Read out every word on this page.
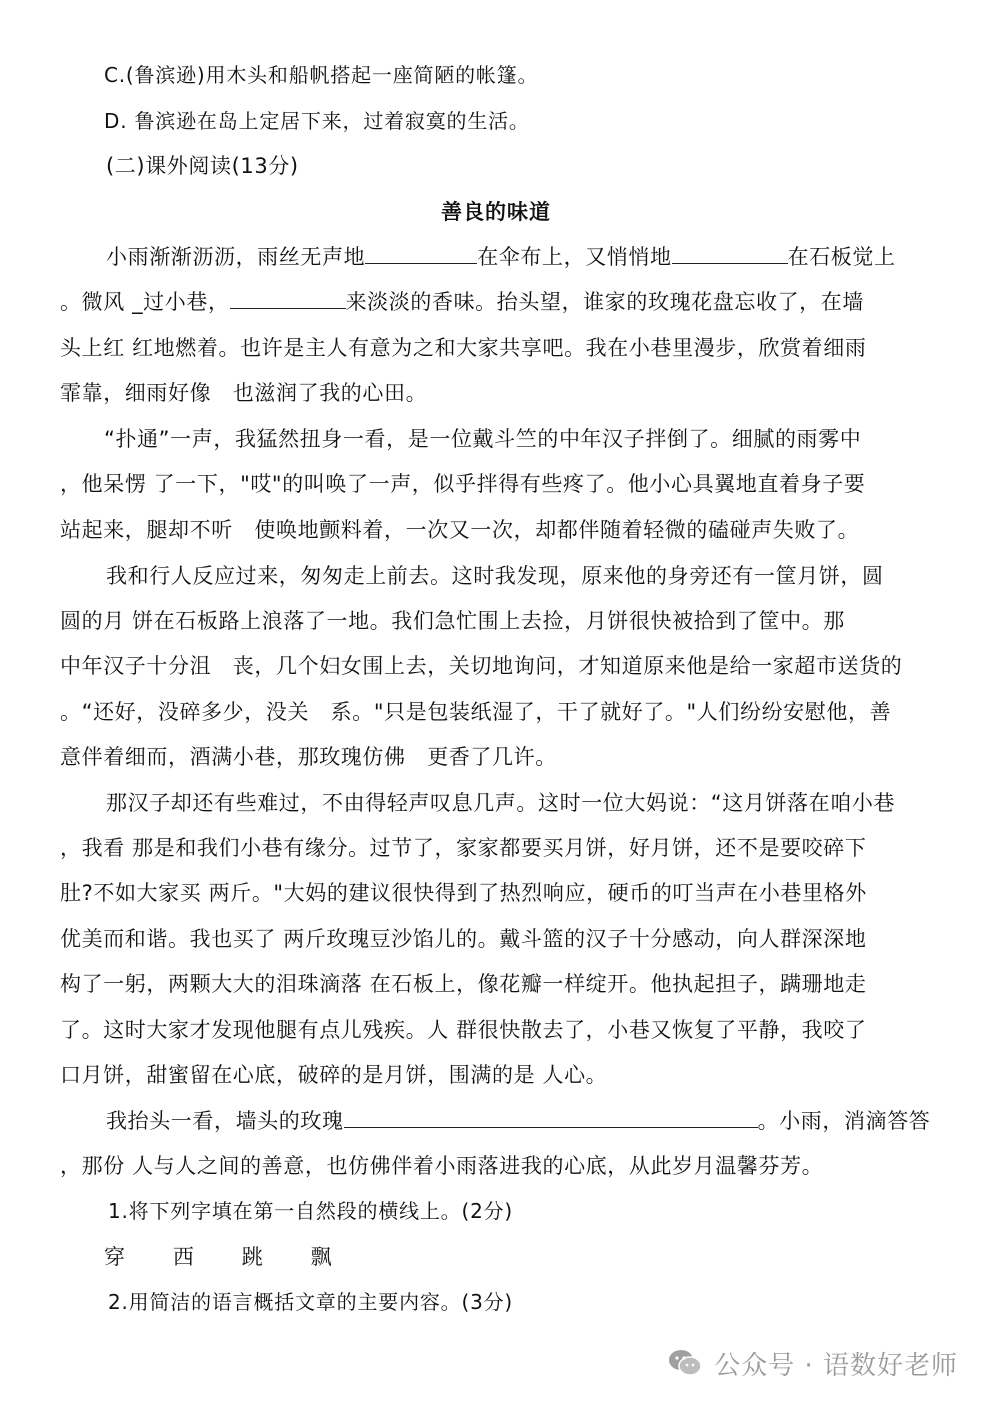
C.(鲁滨逊)用木头和船帆搭起一座简陋的帐篷。
D. 鲁滨逊在岛上定居下来，过着寂寞的生活。
(二)课外阅读(13分)
善良的味道
小雨渐渐沥沥，雨丝无声地	在伞布上，又悄悄地	在石板觉上
。微风 _过小巷，	来淡淡的香味。抬头望，谁家的玫瑰花盘忘收了，在墙
头上红 红地燃着。也许是主人有意为之和大家共享吧。我在小巷里漫步，欣赏着细雨
霏靠，细雨好像　也滋润了我的心田。
“扑通”一声，我猛然扭身一看，是一位戴斗竺的中年汉子拌倒了。细腻的雨雾中
，他呆愣 了一下，"哎"的叫唤了一声，似乎拌得有些疼了。他小心具翼地直着身子要
站起来，腿却不听　使唤地颤料着，一次又一次，却都伴随着轻微的磕碰声失败了。
我和行人反应过来，匆匆走上前去。这时我发现，原来他的身旁还有一筐月饼，圆
圆的月 饼在石板路上浪落了一地。我们急忙围上去捡，月饼很快被拾到了筐中。那
中年汉子十分沮　丧，几个妇女围上去，关切地询问，才知道原来他是给一家超市送货的
。“还好，没碎多少，没关　系。"只是包装纸湿了，干了就好了。"人们纷纷安慰他，善
意伴着细而，酒满小巷，那玫瑰仿佛　更香了几许。
那汉子却还有些难过，不由得轻声叹息几声。这时一位大妈说：“这月饼落在咱小巷
，我看 那是和我们小巷有缘分。过节了，家家都要买月饼，好月饼，还不是要咬碎下
肚?不如大家买 两斤。"大妈的建议很快得到了热烈响应，硬币的叮当声在小巷里格外
优美而和谐。我也买了 两斤玫瑰豆沙馅儿的。戴斗篮的汉子十分感动，向人群深深地
构了一躬，两颗大大的泪珠滴落 在石板上，像花瓣一样绽开。他执起担子，蹒珊地走
了。这时大家才发现他腿有点儿残疾。人 群很快散去了，小巷又恢复了平静，我咬了
口月饼，甜蜜留在心底，破碎的是月饼，围满的是 人心。
我抬头一看，墙头的玫瑰	。小雨，消滴答答
，那份 人与人之间的善意，也仿佛伴着小雨落进我的心底，从此岁月温馨芬芳。
1.将下列字填在第一自然段的横线上。(2分)
穿 西 跳 飘
2.用简洁的语言概括文章的主要内容。(3分)
公众号 · 语数好老师
